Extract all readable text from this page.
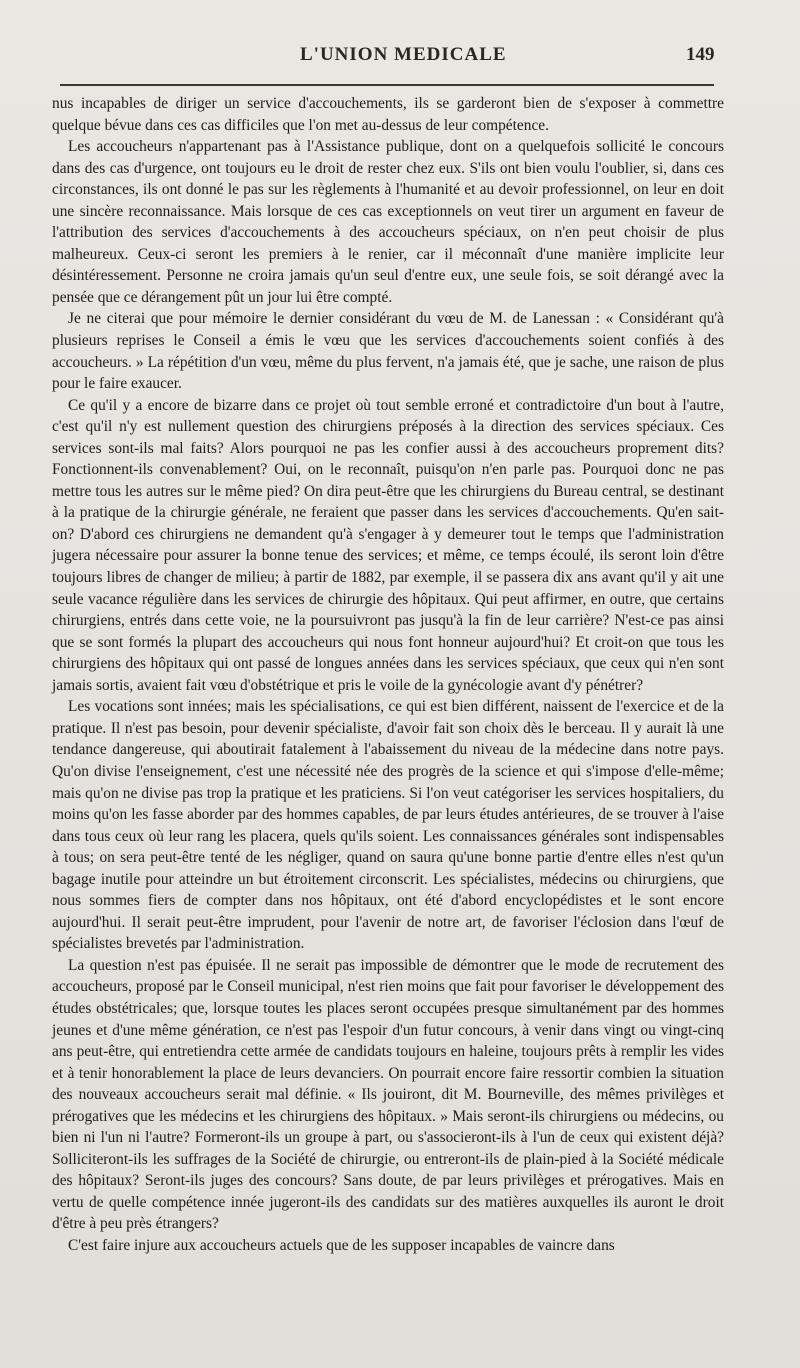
L'UNION MEDICALE	149

nus incapables de diriger un service d'accouchements, ils se garderont bien de s'exposer à commettre quelque bévue dans ces cas difficiles que l'on met au-dessus de leur compétence.

Les accoucheurs n'appartenant pas à l'Assistance publique, dont on a quelquefois sollicité le concours dans des cas d'urgence, ont toujours eu le droit de rester chez eux. S'ils ont bien voulu l'oublier, si, dans ces circonstances, ils ont donné le pas sur les règlements à l'humanité et au devoir professionnel, on leur en doit une sincère reconnaissance. Mais lorsque de ces cas exceptionnels on veut tirer un argument en faveur de l'attribution des services d'accouchements à des accoucheurs spéciaux, on n'en peut choisir de plus malheureux. Ceux-ci seront les premiers à le renier, car il méconnaît d'une manière implicite leur désintéressement. Personne ne croira jamais qu'un seul d'entre eux, une seule fois, se soit dérangé avec la pensée que ce dérangement pût un jour lui être compté.

Je ne citerai que pour mémoire le dernier considérant du vœu de M. de Lanessan : « Considérant qu'à plusieurs reprises le Conseil a émis le vœu que les services d'accouchements soient confiés à des accoucheurs. » La répétition d'un vœu, même du plus fervent, n'a jamais été, que je sache, une raison de plus pour le faire exaucer.

Ce qu'il y a encore de bizarre dans ce projet où tout semble erroné et contradictoire d'un bout à l'autre, c'est qu'il n'y est nullement question des chirurgiens préposés à la direction des services spéciaux. Ces services sont-ils mal faits? Alors pourquoi ne pas les confier aussi à des accoucheurs proprement dits? Fonctionnent-ils convenablement? Oui, on le reconnaît, puisqu'on n'en parle pas. Pourquoi donc ne pas mettre tous les autres sur le même pied? On dira peut-être que les chirurgiens du Bureau central, se destinant à la pratique de la chirurgie générale, ne feraient que passer dans les services d'accouchements. Qu'en sait-on? D'abord ces chirurgiens ne demandent qu'à s'engager à y demeurer tout le temps que l'administration jugera nécessaire pour assurer la bonne tenue des services; et même, ce temps écoulé, ils seront loin d'être toujours libres de changer de milieu; à partir de 1882, par exemple, il se passera dix ans avant qu'il y ait une seule vacance régulière dans les services de chirurgie des hôpitaux. Qui peut affirmer, en outre, que certains chirurgiens, entrés dans cette voie, ne la poursuivront pas jusqu'à la fin de leur carrière? N'est-ce pas ainsi que se sont formés la plupart des accoucheurs qui nous font honneur aujourd'hui? Et croit-on que tous les chirurgiens des hôpitaux qui ont passé de longues années dans les services spéciaux, que ceux qui n'en sont jamais sortis, avaient fait vœu d'obstétrique et pris le voile de la gynécologie avant d'y pénétrer?

Les vocations sont innées; mais les spécialisations, ce qui est bien différent, naissent de l'exercice et de la pratique. Il n'est pas besoin, pour devenir spécialiste, d'avoir fait son choix dès le berceau. Il y aurait là une tendance dangereuse, qui aboutirait fatalement à l'abaissement du niveau de la médecine dans notre pays. Qu'on divise l'enseignement, c'est une nécessité née des progrès de la science et qui s'impose d'elle-même; mais qu'on ne divise pas trop la pratique et les praticiens. Si l'on veut catégoriser les services hospitaliers, du moins qu'on les fasse aborder par des hommes capables, de par leurs études antérieures, de se trouver à l'aise dans tous ceux où leur rang les placera, quels qu'ils soient. Les connaissances générales sont indispensables à tous; on sera peut-être tenté de les négliger, quand on saura qu'une bonne partie d'entre elles n'est qu'un bagage inutile pour atteindre un but étroitement circonscrit. Les spécialistes, médecins ou chirurgiens, que nous sommes fiers de compter dans nos hôpitaux, ont été d'abord encyclopédistes et le sont encore aujourd'hui. Il serait peut-être imprudent, pour l'avenir de notre art, de favoriser l'éclosion dans l'œuf de spécialistes brevetés par l'administration.

La question n'est pas épuisée. Il ne serait pas impossible de démontrer que le mode de recrutement des accoucheurs, proposé par le Conseil municipal, n'est rien moins que fait pour favoriser le développement des études obstétricales; que, lorsque toutes les places seront occupées presque simultanément par des hommes jeunes et d'une même génération, ce n'est pas l'espoir d'un futur concours, à venir dans vingt ou vingt-cinq ans peut-être, qui entretiendra cette armée de candidats toujours en haleine, toujours prêts à remplir les vides et à tenir honorablement la place de leurs devanciers. On pourrait encore faire ressortir combien la situation des nouveaux accoucheurs serait mal définie. « Ils jouiront, dit M. Bourneville, des mêmes privilèges et prérogatives que les médecins et les chirurgiens des hôpitaux. » Mais seront-ils chirurgiens ou médecins, ou bien ni l'un ni l'autre? Formeront-ils un groupe à part, ou s'associeront-ils à l'un de ceux qui existent déjà? Solliciteront-ils les suffrages de la Société de chirurgie, ou entreront-ils de plain-pied à la Société médicale des hôpitaux? Seront-ils juges des concours? Sans doute, de par leurs privilèges et prérogatives. Mais en vertu de quelle compétence innée jugeront-ils des candidats sur des matières auxquelles ils auront le droit d'être à peu près étrangers?

C'est faire injure aux accoucheurs actuels que de les supposer incapables de vaincre dans
